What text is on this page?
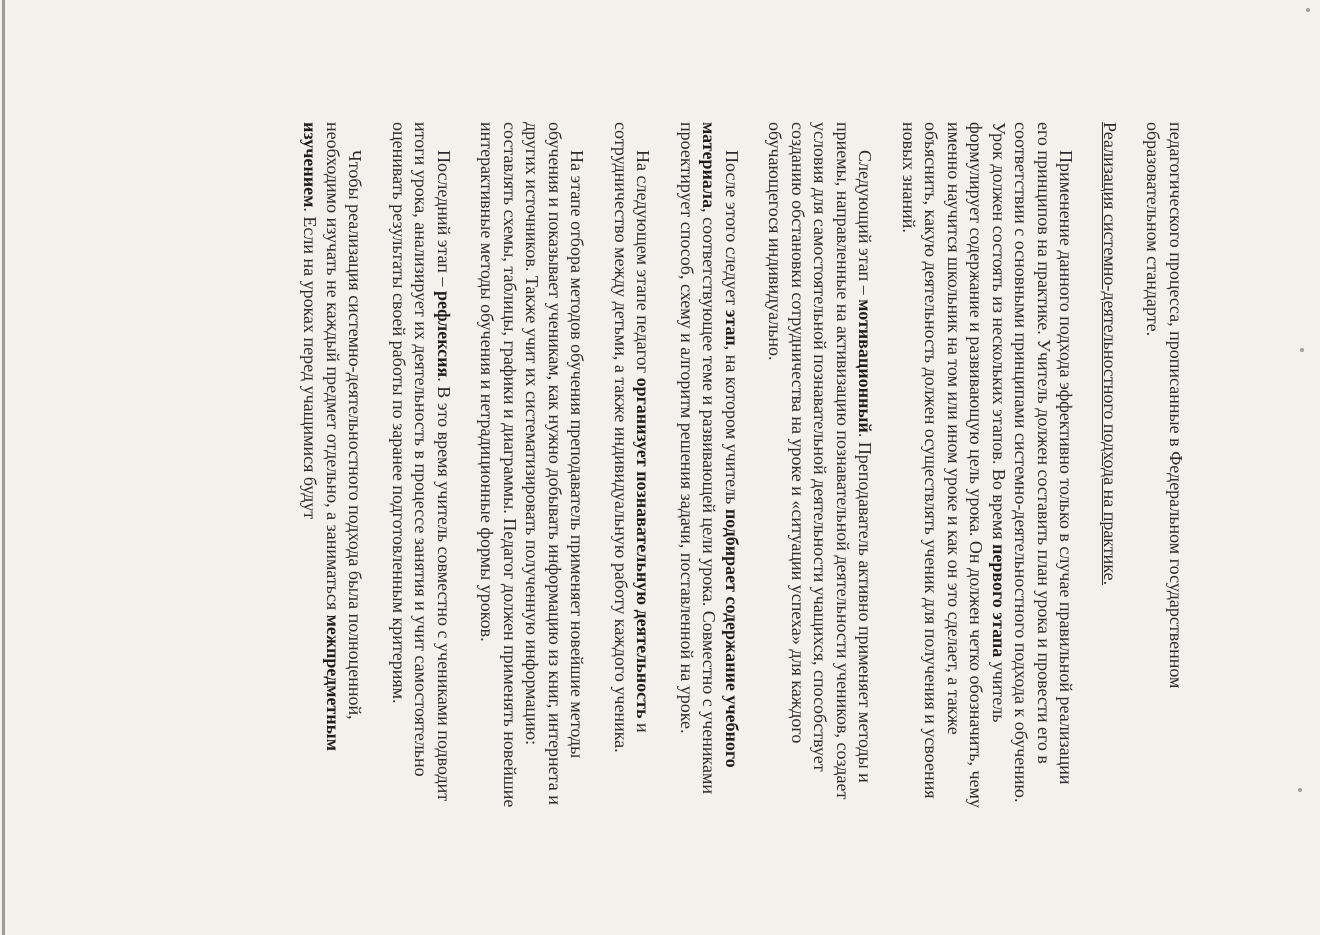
педагогического процесса, прописанные в Федеральном государственном образовательном стандарте.

Реализация системно-деятельностного подхода на практике.

Применение данного подхода эффективно только в случае правильной реализации его принципов на практике. Учитель должен составить план урока и провести его в соответствии с основными принципами системно-деятельностного подхода к обучению. Урок должен состоять из нескольких этапов. Во время первого этапа учитель формулирует содержание и развивающую цель урока. Он должен четко обозначить, чему именно научится школьник на том или ином уроке и как он это сделает, а также объяснить, какую деятельность должен осуществлять ученик для получения и усвоения новых знаний.

Следующий этап – мотивационный. Преподаватель активно применяет методы и приемы, направленные на активизацию познавательной деятельности учеников, создает условия для самостоятельной познавательной деятельности учащихся, способствует созданию обстановки сотрудничества на уроке и «ситуации успеха» для каждого обучающегося индивидуально.

После этого следует этап, на котором учитель подбирает содержание учебного материала, соответствующее теме и развивающей цели урока. Совместно с учениками проектирует способ, схему и алгоритм решения задачи, поставленной на уроке.

На следующем этапе педагог организует познавательную деятельность и сотрудничество между детьми, а также индивидуальную работу каждого ученика.

На этапе отбора методов обучения преподаватель применяет новейшие методы обучения и показывает ученикам, как нужно добывать информацию из книг, интернета и других источников. Также учит их систематизировать полученную информацию: составлять схемы, таблицы, графики и диаграммы. Педагог должен применять новейшие интерактивные методы обучения и нетрадиционные формы уроков.

Последний этап – рефлексия. В это время учитель совместно с учениками подводит итоги урока, анализирует их деятельность в процессе занятия и учит самостоятельно оценивать результаты своей работы по заранее подготовленным критериям.

Чтобы реализация системно-деятельностного подхода была полноценной, необходимо изучать не каждый предмет отдельно, а заниматься межпредметным изучением. Если на уроках перед учащимися будут
